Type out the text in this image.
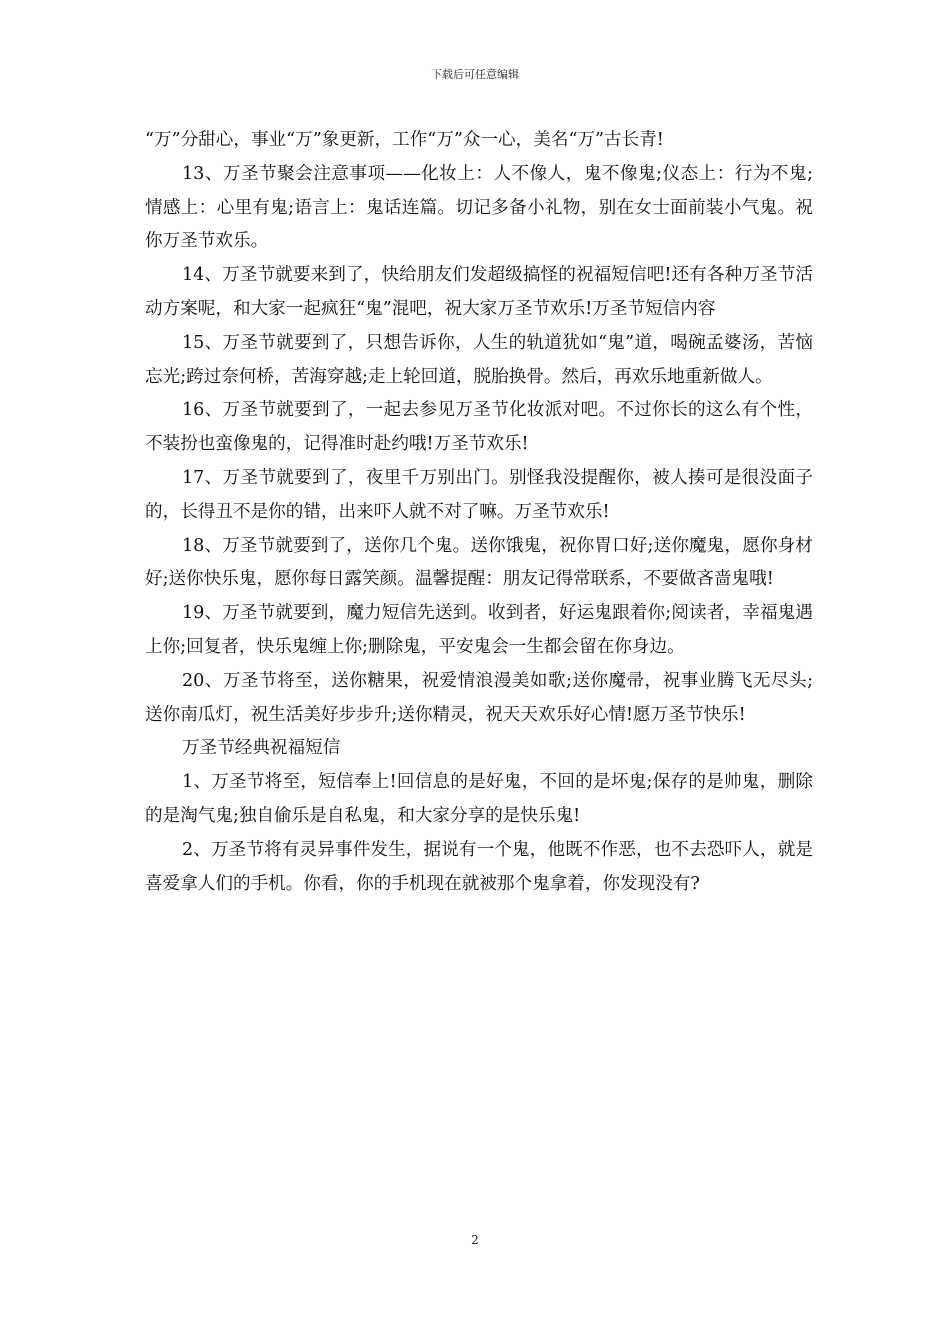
下载后可任意编辑

“万”分甜心，事业“万”象更新，工作“万”众一心，美名“万”古长青!

13、万圣节聚会注意事项——化妆上：人不像人，鬼不像鬼;仪态上：行为不鬼;情感上：心里有鬼;语言上：鬼话连篇。切记多备小礼物，别在女士面前装小气鬼。祝你万圣节欢乐。

14、万圣节就要来到了，快给朋友们发超级搞怪的祝福短信吧!还有各种万圣节活动方案呢，和大家一起疯狂“鬼”混吧，祝大家万圣节欢乐!万圣节短信内容

15、万圣节就要到了，只想告诉你，人生的轨道犹如“鬼”道，喝碗孟婆汤，苦恼忘光;跨过奈何桥，苦海穿越;走上轮回道，脱胎换骨。然后，再欢乐地重新做人。

16、万圣节就要到了，一起去参见万圣节化妆派对吧。不过你长的这么有个性，不装扮也蛮像鬼的，记得准时赴约哦!万圣节欢乐!

17、万圣节就要到了，夜里千万别出门。别怪我没提醒你，被人揍可是很没面子的，长得丑不是你的错，出来吓人就不对了嘛。万圣节欢乐!

18、万圣节就要到了，送你几个鬼。送你饿鬼，祝你胃口好;送你魔鬼，愿你身材好;送你快乐鬼，愿你每日露笑颜。温馨提醒：朋友记得常联系，不要做吝啬鬼哦!

19、万圣节就要到，魔力短信先送到。收到者，好运鬼跟着你;阅读者，幸福鬼遇上你;回复者，快乐鬼缠上你;删除鬼，平安鬼会一生都会留在你身边。

20、万圣节将至，送你糖果，祝爱情浪漫美如歌;送你魔帚，祝事业腾飞无尽头;送你南瓜灯，祝生活美好步步升;送你精灵，祝天天欢乐好心情!愿万圣节快乐!

万圣节经典祝福短信

1、万圣节将至，短信奉上!回信息的是好鬼，不回的是坏鬼;保存的是帅鬼，删除的是淘气鬼;独自偷乐是自私鬼，和大家分享的是快乐鬼!

2、万圣节将有灵异事件发生，据说有一个鬼，他既不作恶，也不去恐吓人，就是喜爱拿人们的手机。你看，你的手机现在就被那个鬼拿着，你发现没有?

2
